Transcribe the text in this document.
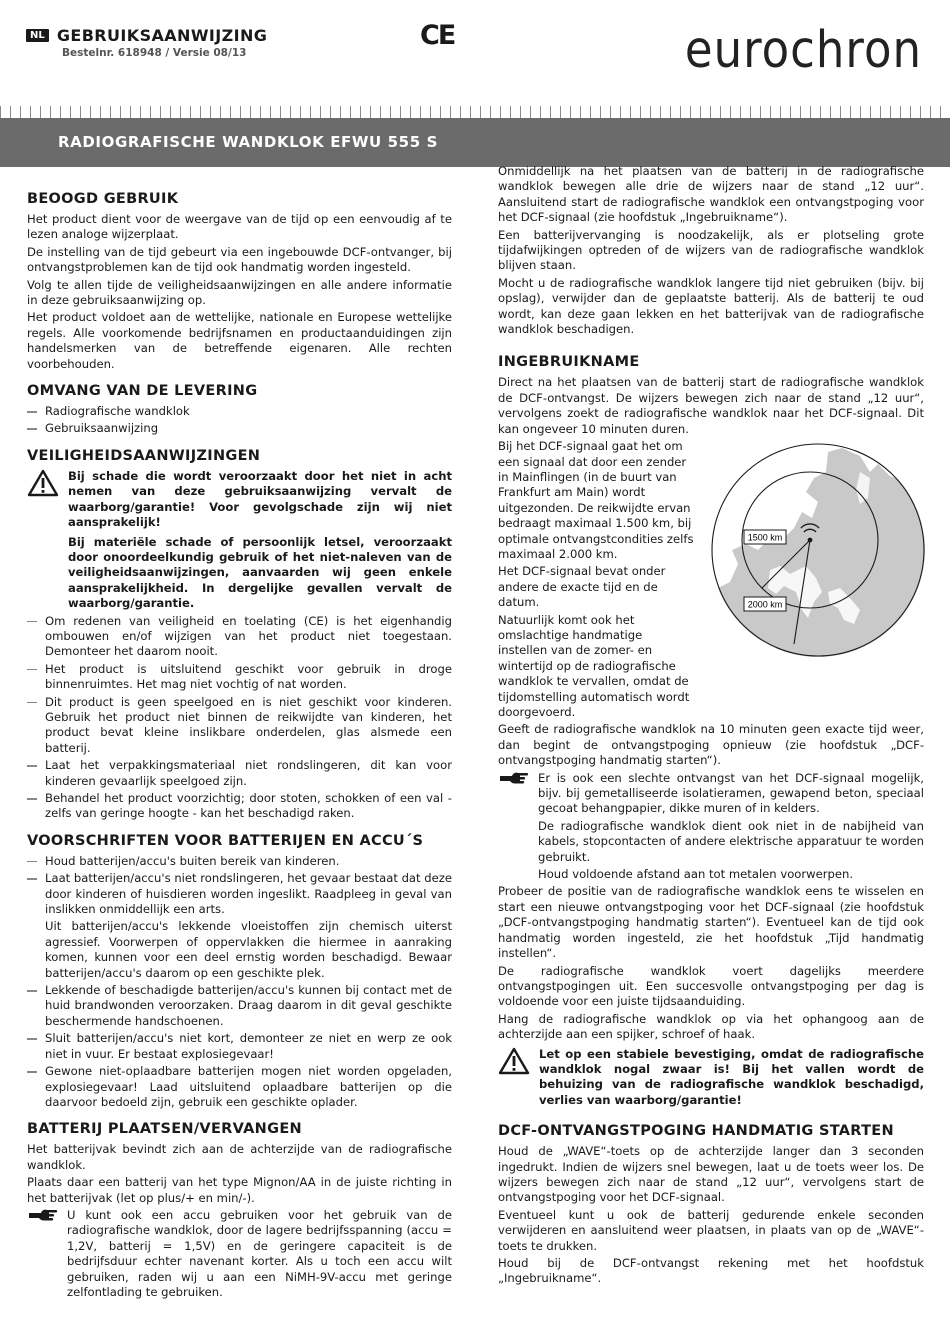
NL GEBRUIKSAANWIJZING
Bestelnr. 618948 / Versie 08/13
CE	eurochron
RADIOGRAFISCHE WANDKLOK EFWU 555 S
BEOOGD GEBRUIK

Het product dient voor de weergave van de tijd op een eenvoudig af te lezen analoge wijzerplaat.

De instelling van de tijd gebeurt via een ingebouwde DCF-ontvanger, bij ontvangstproblemen kan de tijd ook handmatig worden ingesteld.

Volg te allen tijde de veiligheidsaanwijzingen en alle andere informatie in deze gebruiksaanwijzing op.

Het product voldoet aan de wettelijke, nationale en Europese wettelijke regels. Alle voorkomende bedrijfsnamen en productaanduidingen zijn handelsmerken van de betreffende eigenaren. Alle rechten voorbehouden.

OMVANG VAN DE LEVERING
Radiografische wandklok
Gebruiksaanwijzing
VEILIGHEIDSAANWIJZINGEN

Bij schade die wordt veroorzaakt door het niet in acht nemen van deze gebruiksaanwijzing vervalt de waarborg/garantie! Voor gevolgschade zijn wij niet aansprakelijk!

Bij materiële schade of persoonlijk letsel, veroorzaakt door onoordeelkundig gebruik of het niet-naleven van de veiligheidsaanwijzingen, aanvaarden wij geen enkele aansprakelijkheid. In dergelijke gevallen vervalt de waarborg/garantie.

Om redenen van veiligheid en toelating (CE) is het eigenhandig ombouwen en/of wijzigen van het product niet toegestaan. Demonteer het daarom nooit.
Het product is uitsluitend geschikt voor gebruik in droge binnenruimtes. Het mag niet vochtig of nat worden.
Dit product is geen speelgoed en is niet geschikt voor kinderen. Gebruik het product niet binnen de reikwijdte van kinderen, het product bevat kleine inslikbare onderdelen, glas alsmede een batterij.
Laat het verpakkingsmateriaal niet rondslingeren, dit kan voor kinderen gevaarlijk speelgoed zijn.
Behandel het product voorzichtig; door stoten, schokken of een val - zelfs van geringe hoogte - kan het beschadigd raken.
VOORSCHRIFTEN VOOR BATTERIJEN EN ACCU´S
Houd batterijen/accu's buiten bereik van kinderen.
Laat batterijen/accu's niet rondslingeren, het gevaar bestaat dat deze door kinderen of huisdieren worden ingeslikt. Raadpleeg in geval van inslikken onmiddellijk een arts.
Uit batterijen/accu's lekkende vloeistoffen zijn chemisch uiterst agressief. Voorwerpen of oppervlakken die hiermee in aanraking komen, kunnen voor een deel ernstig worden beschadigd. Bewaar batterijen/accu's daarom op een geschikte plek.
Lekkende of beschadigde batterijen/accu's kunnen bij contact met de huid brandwonden veroorzaken. Draag daarom in dit geval geschikte beschermende handschoenen.
Sluit batterijen/accu's niet kort, demonteer ze niet en werp ze ook niet in vuur. Er bestaat explosiegevaar!
Gewone niet-oplaadbare batterijen mogen niet worden opgeladen, explosiegevaar! Laad uitsluitend oplaadbare batterijen op die daarvoor bedoeld zijn, gebruik een geschikte oplader.
BATTERIJ PLAATSEN/VERVANGEN

Het batterijvak bevindt zich aan de achterzijde van de radiografische wandklok.

Plaats daar een batterij van het type Mignon/AA in de juiste richting in het batterijvak (let op plus/+ en min/-).

U kunt ook een accu gebruiken voor het gebruik van de radiografische wandklok, door de lagere bedrijfsspanning (accu = 1,2V, batterij = 1,5V) en de geringere capaciteit is de bedrijfsduur echter navenant korter. Als u toch een accu wilt gebruiken, raden wij u aan een NiMH-9V-accu met geringe zelfontlading te gebruiken.

Onmiddellijk na het plaatsen van de batterij in de radiografische wandklok bewegen alle drie de wijzers naar de stand „12 uur“. Aansluitend start de radiografische wandklok een ontvangstpoging voor het DCF-signaal (zie hoofdstuk „Ingebruikname“).

Een batterijvervanging is noodzakelijk, als er plotseling grote tijdafwijkingen optreden of de wijzers van de radiografische wandklok blijven staan.

Mocht u de radiografische wandklok langere tijd niet gebruiken (bijv. bij opslag), verwijder dan de geplaatste batterij. Als de batterij te oud wordt, kan deze gaan lekken en het batterijvak van de radiografische wandklok beschadigen.

INGEBRUIKNAME

Direct na het plaatsen van de batterij start de radiografische wandklok de DCF-ontvangst. De wijzers bewegen zich naar de stand „12 uur“, vervolgens zoekt de radiografische wandklok naar het DCF-signaal. Dit kan ongeveer 10 minuten duren.

Bij het DCF-signaal gaat het om een signaal dat door een zender in Mainflingen (in de buurt van Frankfurt am Main) wordt uitgezonden. De reikwijdte ervan bedraagt maximaal 1.500 km, bij optimale ontvangstcondities zelfs maximaal 2.000 km.

Het DCF-signaal bevat onder andere de exacte tijd en de datum.

Natuurlijk komt ook het omslachtige handmatige instellen van de zomer- en wintertijd op de radiografische wandklok te vervallen, omdat de tijdomstelling automatisch wordt doorgevoerd.

1500 km
2000 km

Geeft de radiografische wandklok na 10 minuten geen exacte tijd weer, dan begint de ontvangstpoging opnieuw (zie hoofdstuk „DCF-ontvangstpoging handmatig starten“).

Er is ook een slechte ontvangst van het DCF-signaal mogelijk, bijv. bij gemetalliseerde isolatieramen, gewapend beton, speciaal gecoat behangpapier, dikke muren of in kelders.

De radiografische wandklok dient ook niet in de nabijheid van kabels, stopcontacten of andere elektrische apparatuur te worden gebruikt.

Houd voldoende afstand aan tot metalen voorwerpen.

Probeer de positie van de radiografische wandklok eens te wisselen en start een nieuwe ontvangstpoging voor het DCF-signaal (zie hoofdstuk „DCF-ontvangstpoging handmatig starten“). Eventueel kan de tijd ook handmatig worden ingesteld, zie het hoofdstuk „Tijd handmatig instellen“.

De radiografische wandklok voert dagelijks meerdere ontvangstpogingen uit. Een succesvolle ontvangstpoging per dag is voldoende voor een juiste tijdsaanduiding.

Hang de radiografische wandklok op via het ophangoog aan de achterzijde aan een spijker, schroef of haak.

Let op een stabiele bevestiging, omdat de radiografische wandklok nogal zwaar is! Bij het vallen wordt de behuizing van de radiografische wandklok beschadigd, verlies van waarborg/garantie!

DCF-ONTVANGSTPOGING HANDMATIG STARTEN

Houd de „WAVE“-toets op de achterzijde langer dan 3 seconden ingedrukt. Indien de wijzers snel bewegen, laat u de toets weer los. De wijzers bewegen zich naar de stand „12 uur“, vervolgens start de ontvangstpoging voor het DCF-signaal.

Eventueel kunt u ook de batterij gedurende enkele seconden verwijderen en aansluitend weer plaatsen, in plaats van op de „WAVE“- toets te drukken.

Houd bij de DCF-ontvangst rekening met het hoofdstuk „Ingebruikname“.
